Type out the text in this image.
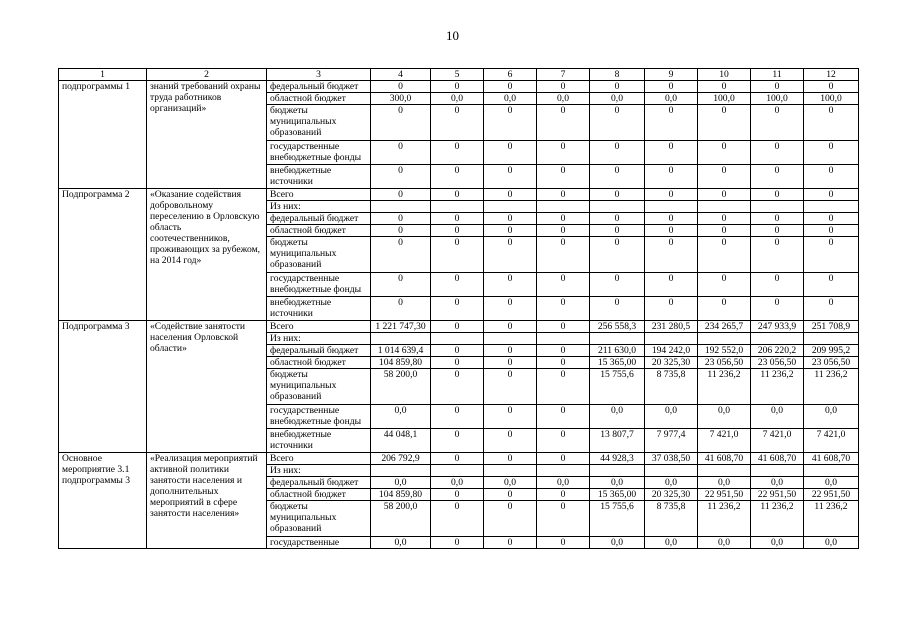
10
1	2	3	4	5	6	7	8	9	10	11	12
подпрограммы 1	знаний требований охраны труда работников организаций»	федеральный бюджет	0	0	0	0	0	0	0	0	0
		областной бюджет	300,0	0,0	0,0	0,0	0,0	0,0	100,0	100,0	100,0
		бюджеты муниципальных образований	0	0	0	0	0	0	0	0	0
		государственные внебюджетные фонды	0	0	0	0	0	0	0	0	0
		внебюджетные источники	0	0	0	0	0	0	0	0	0
Подпрограмма 2	«Оказание содействия добровольному переселению в Орловскую область соотечественников, проживающих за рубежом, на 2014 год»	Всего	0	0	0	0	0	0	0	0	0
		Из них:									
		федеральный бюджет	0	0	0	0	0	0	0	0	0
		областной бюджет	0	0	0	0	0	0	0	0	0
		бюджеты муниципальных образований	0	0	0	0	0	0	0	0	0
		государственные внебюджетные фонды	0	0	0	0	0	0	0	0	0
		внебюджетные источники	0	0	0	0	0	0	0	0	0
Подпрограмма 3	«Содействие занятости населения Орловской области»	Всего	1 221 747,30	0	0	0	256 558,3	231 280,5	234 265,7	247 933,9	251 708,9
		Из них:									
		федеральный бюджет	1 014 639,4	0	0	0	211 630,0	194 242,0	192 552,0	206 220,2	209 995,2
		областной бюджет	104 859,80	0	0	0	15 365,00	20 325,30	23 056,50	23 056,50	23 056,50
		бюджеты муниципальных образований	58 200,0	0	0	0	15 755,6	8 735,8	11 236,2	11 236,2	11 236,2
		государственные внебюджетные фонды	0,0	0	0	0	0,0	0,0	0,0	0,0	0,0
		внебюджетные источники	44 048,1	0	0	0	13 807,7	7 977,4	7 421,0	7 421,0	7 421,0
Основное мероприятие 3.1 подпрограммы 3	«Реализация мероприятий активной политики занятости населения и дополнительных мероприятий в сфере занятости населения»	Всего	206 792,9	0	0	0	44 928,3	37 038,50	41 608,70	41 608,70	41 608,70
		Из них:									
		федеральный бюджет	0,0	0,0	0,0	0,0	0,0	0,0	0,0	0,0	0,0
		областной бюджет	104 859,80	0	0	0	15 365,00	20 325,30	22 951,50	22 951,50	22 951,50
		бюджеты муниципальных образований	58 200,0	0	0	0	15 755,6	8 735,8	11 236,2	11 236,2	11 236,2
		государственные	0,0	0	0	0	0,0	0,0	0,0	0,0	0,0
